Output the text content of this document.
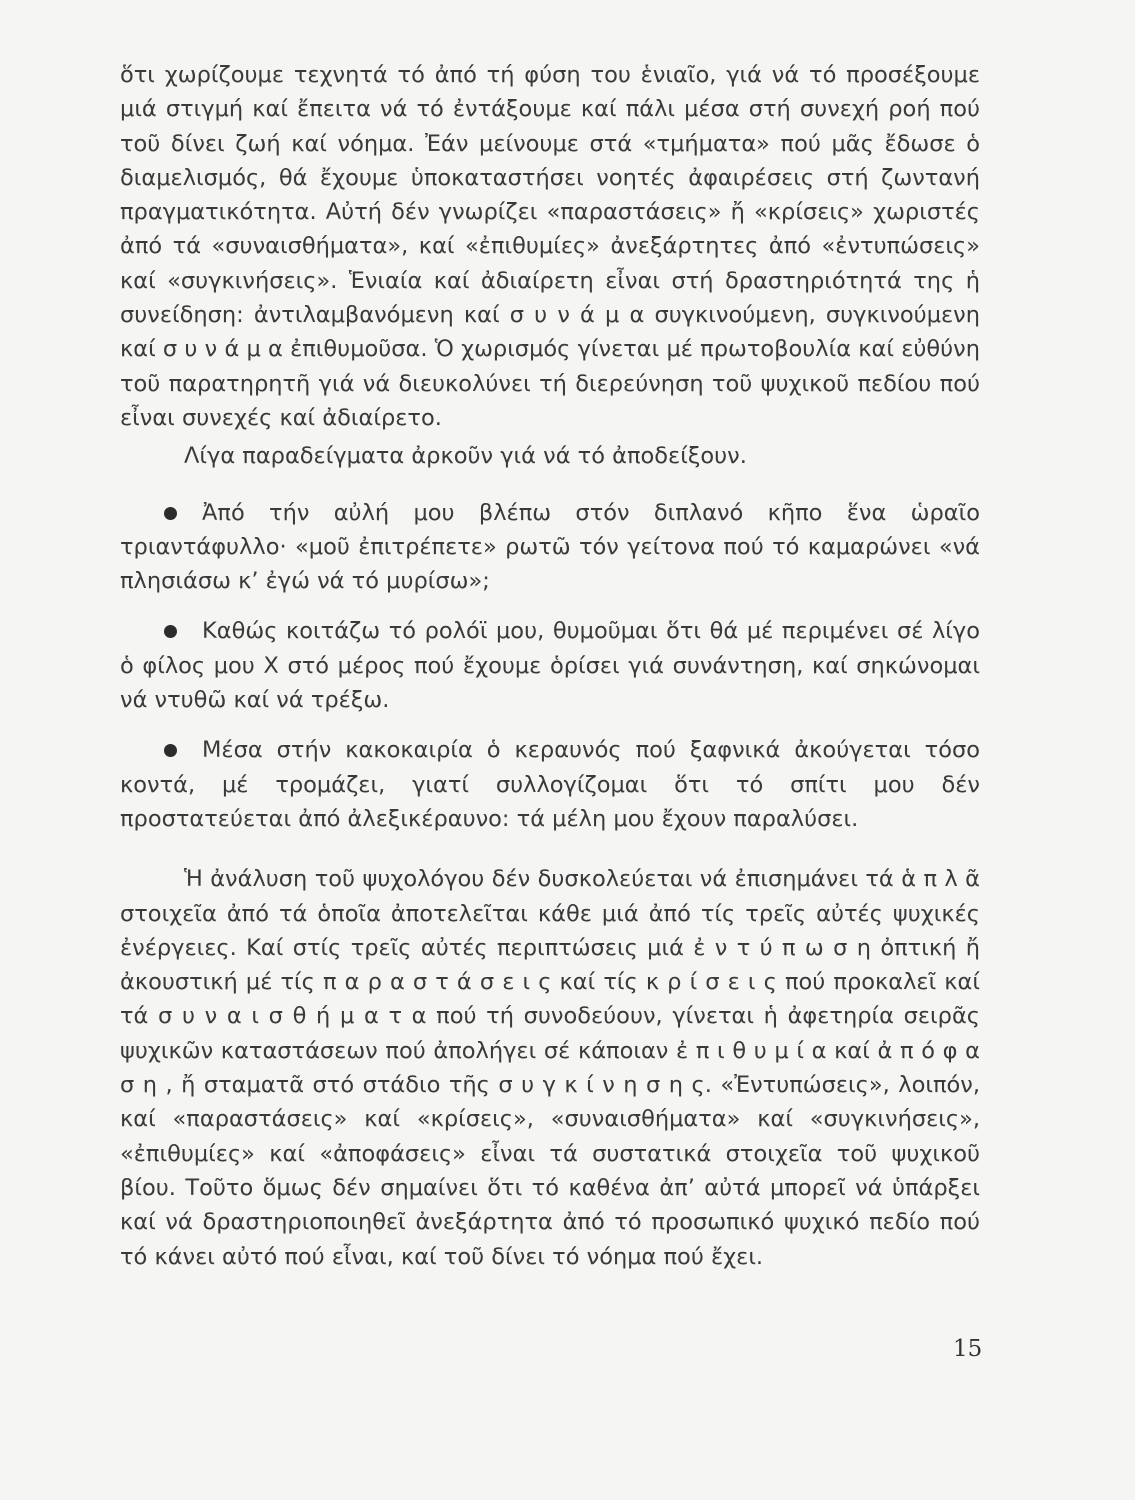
ὅτι χωρίζουμε τεχνητά τό ἀπό τή φύση του ἑνιαῖο, γιά νά τό προσέξουμε μιά στιγμή καί ἔπειτα νά τό ἐντάξουμε καί πάλι μέσα στή συνεχή ροή πού τοῦ δίνει ζωή καί νόημα. Ἐάν μείνουμε στά «τμήματα» πού μᾶς ἔδωσε ὁ διαμελισμός, θά ἔχουμε ὑποκαταστήσει νοητές ἀφαιρέσεις στή ζωντανή πραγματικότητα. Αὐτή δέν γνωρίζει «παραστάσεις» ἤ «κρίσεις» χωριστές ἀπό τά «συναισθήματα», καί «ἐπιθυμίες» ἀνεξάρτητες ἀπό «ἐντυπώσεις» καί «συγκινήσεις». Ἑνιαία καί ἀδιαίρετη εἶναι στή δραστηριότητά της ἡ συνείδηση: ἀντιλαμβανόμενη καί σ υ ν ά μ α συγκινούμενη, συγκινούμενη καί σ υ ν ά μ α ἐπιθυμοῦσα. Ὁ χωρισμός γίνεται μέ πρωτοβουλία καί εὐθύνη τοῦ παρατηρητῆ γιά νά διευκολύνει τή διερεύνηση τοῦ ψυχικοῦ πεδίου πού εἶναι συνεχές καί ἀδιαίρετο.

Λίγα παραδείγματα ἀρκοῦν γιά νά τό ἀποδείξουν.

Ἀπό τήν αὐλή μου βλέπω στόν διπλανό κῆπο ἕνα ὡραῖο τριαντάφυλλο· «μοῦ ἐπιτρέπετε» ρωτῶ τόν γείτονα πού τό καμαρώνει «νά πλησιάσω κ’ ἐγώ νά τό μυρίσω»;

Καθώς κοιτάζω τό ρολόϊ μου, θυμοῦμαι ὅτι θά μέ περιμένει σέ λίγο ὁ φίλος μου Χ στό μέρος πού ἔχουμε ὁρίσει γιά συνάντηση, καί σηκώνομαι νά ντυθῶ καί νά τρέξω.

Μέσα στήν κακοκαιρία ὁ κεραυνός πού ξαφνικά ἀκούγεται τόσο κοντά, μέ τρομάζει, γιατί συλλογίζομαι ὅτι τό σπίτι μου δέν προστατεύεται ἀπό ἀλεξικέραυνο: τά μέλη μου ἔχουν παραλύσει.

Ἡ ἀνάλυση τοῦ ψυχολόγου δέν δυσκολεύεται νά ἐπισημάνει τά ἁ π λ ᾶ στοιχεῖα ἀπό τά ὁποῖα ἀποτελεῖται κάθε μιά ἀπό τίς τρεῖς αὐτές ψυχικές ἐνέργειες. Καί στίς τρεῖς αὐτές περιπτώσεις μιά ἐ ν τ ύ π ω σ η ὀπτική ἤ ἀκουστική μέ τίς π α ρ α σ τ ά σ ε ι ς καί τίς κ ρ ί σ ε ι ς πού προκαλεῖ καί τά σ υ ν α ι σ θ ή μ α τ α πού τή συνοδεύουν, γίνεται ἡ ἀφετηρία σειρᾶς ψυχικῶν καταστάσεων πού ἀπολήγει σέ κάποιαν ἐ π ι θ υ μ ί α καί ἀ π ό φ α σ η , ἤ σταματᾶ στό στάδιο τῆς σ υ γ κ ί ν η σ η ς. «Ἐντυπώσεις», λοιπόν, καί «παραστάσεις» καί «κρίσεις», «συναισθήματα» καί «συγκινήσεις», «ἐπιθυμίες» καί «ἀποφάσεις» εἶναι τά συστατικά στοιχεῖα τοῦ ψυχικοῦ βίου. Τοῦτο ὅμως δέν σημαίνει ὅτι τό καθένα ἀπ’ αὐτά μπορεῖ νά ὑπάρξει καί νά δραστηριοποιηθεῖ ἀνεξάρτητα ἀπό τό προσωπικό ψυχικό πεδίο πού τό κάνει αὐτό πού εἶναι, καί τοῦ δίνει τό νόημα πού ἔχει.

15
